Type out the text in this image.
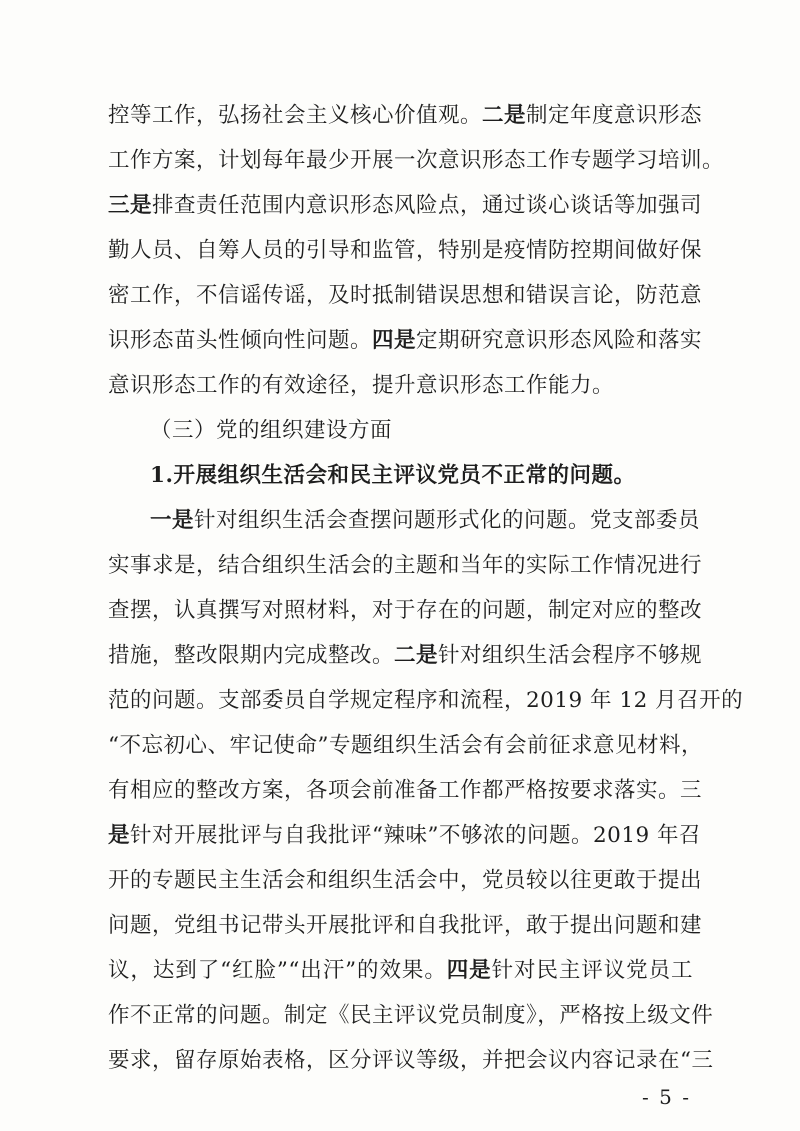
控等工作，弘扬社会主义核心价值观。二是制定年度意识形态
工作方案，计划每年最少开展一次意识形态工作专题学习培训。
三是排查责任范围内意识形态风险点，通过谈心谈话等加强司
勤人员、自筹人员的引导和监管，特别是疫情防控期间做好保
密工作，不信谣传谣，及时抵制错误思想和错误言论，防范意
识形态苗头性倾向性问题。四是定期研究意识形态风险和落实
意识形态工作的有效途径，提升意识形态工作能力。
（三）党的组织建设方面
1.开展组织生活会和民主评议党员不正常的问题。
一是针对组织生活会查摆问题形式化的问题。党支部委员
实事求是，结合组织生活会的主题和当年的实际工作情况进行
查摆，认真撰写对照材料，对于存在的问题，制定对应的整改
措施，整改限期内完成整改。二是针对组织生活会程序不够规
范的问题。支部委员自学规定程序和流程，2019 年 12 月召开的
“不忘初心、牢记使命”专题组织生活会有会前征求意见材料，
有相应的整改方案，各项会前准备工作都严格按要求落实。三
是针对开展批评与自我批评“辣味”不够浓的问题。2019 年召
开的专题民主生活会和组织生活会中，党员较以往更敢于提出
问题，党组书记带头开展批评和自我批评，敢于提出问题和建
议，达到了“红脸”“出汗”的效果。四是针对民主评议党员工
作不正常的问题。制定《民主评议党员制度》，严格按上级文件
要求，留存原始表格，区分评议等级，并把会议内容记录在“三
- 5 -
